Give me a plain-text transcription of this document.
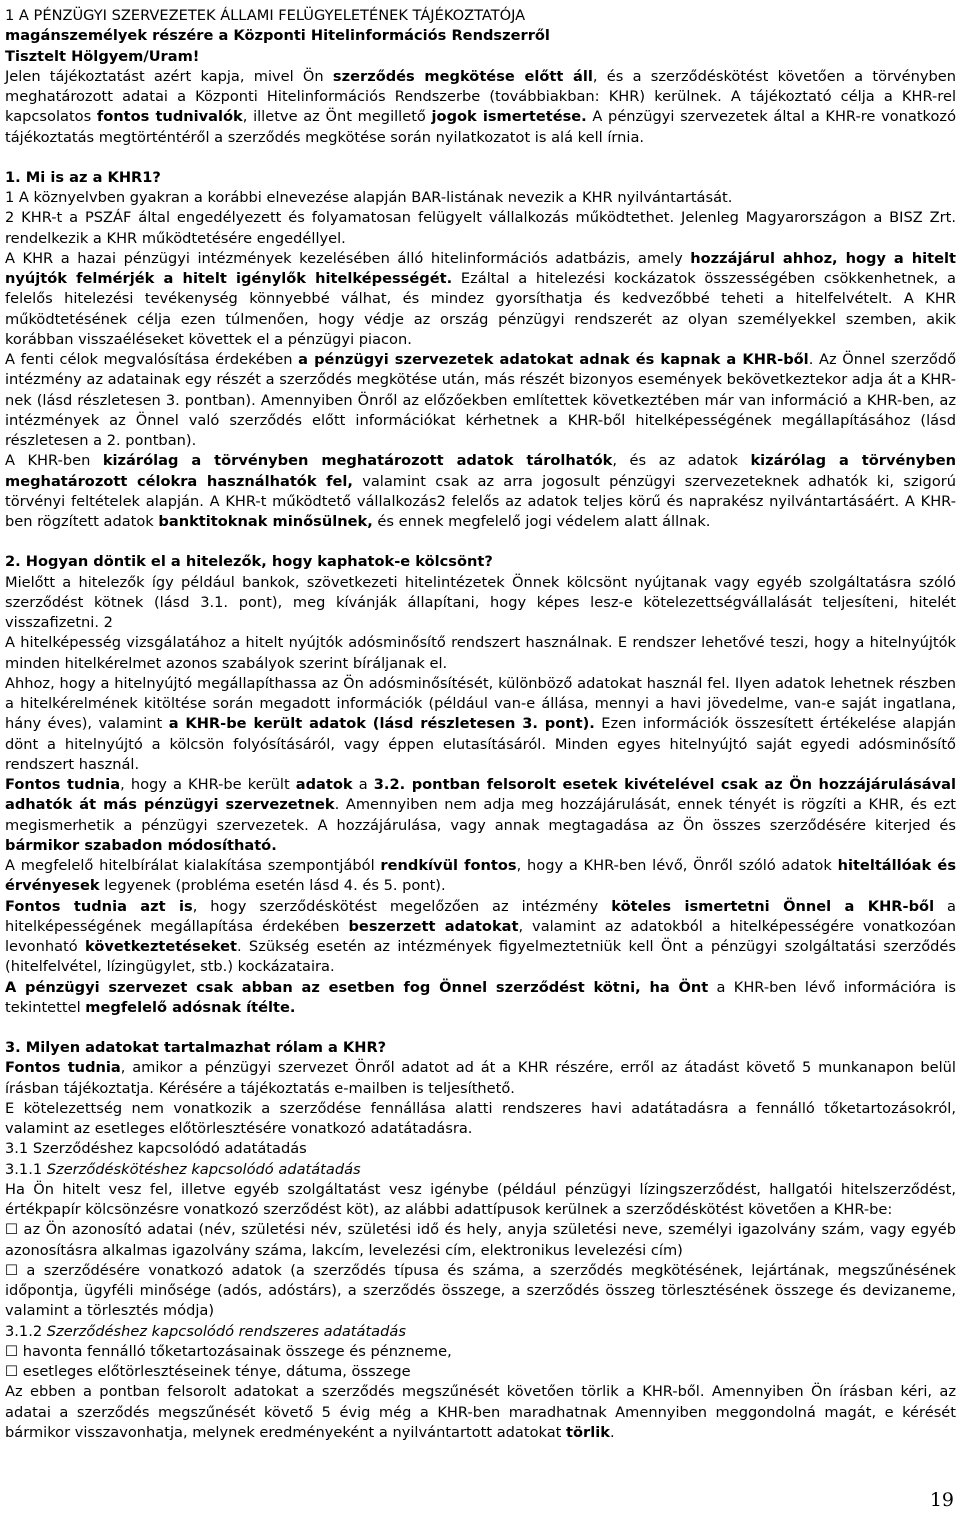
1 A PÉNZÜGYI SZERVEZETEK ÁLLAMI FELÜGYELETÉNEK TÁJÉKOZTATÓJA

magánszemélyek részére a Központi Hitelinformációs Rendszerről

Tisztelt Hölgyem/Uram!

Jelen tájékoztatást azért kapja, mivel Ön szerződés megkötése előtt áll, és a szerződéskötést követően a törvényben meghatározott adatai a Központi Hitelinformációs Rendszerbe (továbbiakban: KHR) kerülnek. A tájékoztató célja a KHR-rel kapcsolatos fontos tudnivalók, illetve az Önt megillető jogok ismertetése. A pénzügyi szervezetek által a KHR-re vonatkozó tájékoztatás megtörténtéről a szerződés megkötése során nyilatkozatot is alá kell írnia.

1. Mi is az a KHR1?

1 A köznyelvben gyakran a korábbi elnevezése alapján BAR-listának nevezik a KHR nyilvántartását.

2 KHR-t a PSZÁF által engedélyezett és folyamatosan felügyelt vállalkozás működtethet. Jelenleg Magyarországon a BISZ Zrt. rendelkezik a KHR működtetésére engedéllyel.

A KHR a hazai pénzügyi intézmények kezelésében álló hitelinformációs adatbázis, amely hozzájárul ahhoz, hogy a hitelt nyújtók felmérjék a hitelt igénylők hitelképességét. Ezáltal a hitelezési kockázatok összességében csökkenhetnek, a felelős hitelezési tevékenység könnyebbé válhat, és mindez gyorsíthatja és kedvezőbbé teheti a hitelfelvételt. A KHR működtetésének célja ezen túlmenően, hogy védje az ország pénzügyi rendszerét az olyan személyekkel szemben, akik korábban visszaéléseket követtek el a pénzügyi piacon.

A fenti célok megvalósítása érdekében a pénzügyi szervezetek adatokat adnak és kapnak a KHR-ből. Az Önnel szerződő intézmény az adatainak egy részét a szerződés megkötése után, más részét bizonyos események bekövetkeztekor adja át a KHR-nek (lásd részletesen 3. pontban). Amennyiben Önről az előzőekben említettek következtében már van információ a KHR-ben, az intézmények az Önnel való szerződés előtt információkat kérhetnek a KHR-ből hitelképességének megállapításához (lásd részletesen a 2. pontban).

A KHR-ben kizárólag a törvényben meghatározott adatok tárolhatók, és az adatok kizárólag a törvényben meghatározott célokra használhatók fel, valamint csak az arra jogosult pénzügyi szervezeteknek adhatók ki, szigorú törvényi feltételek alapján. A KHR-t működtető vállalkozás2 felelős az adatok teljes körű és naprakész nyilvántartásáért. A KHR-ben rögzített adatok banktitoknak minősülnek, és ennek megfelelő jogi védelem alatt állnak.

2. Hogyan döntik el a hitelezők, hogy kaphatok-e kölcsönt?

Mielőtt a hitelezők így például bankok, szövetkezeti hitelintézetek Önnek kölcsönt nyújtanak vagy egyéb szolgáltatásra szóló szerződést kötnek (lásd 3.1. pont), meg kívánják állapítani, hogy képes lesz-e kötelezettségvállalását teljesíteni, hitelét visszafizetni. 2

A hitelképesség vizsgálatához a hitelt nyújtók adósminősítő rendszert használnak. E rendszer lehetővé teszi, hogy a hitelnyújtók minden hitelkérelmet azonos szabályok szerint bíráljanak el.

Ahhoz, hogy a hitelnyújtó megállapíthassa az Ön adósminősítését, különböző adatokat használ fel. Ilyen adatok lehetnek részben a hitelkérelmének kitöltése során megadott információk (például van-e állása, mennyi a havi jövedelme, van-e saját ingatlana, hány éves), valamint a KHR-be került adatok (lásd részletesen 3. pont). Ezen információk összesített értékelése alapján dönt a hitelnyújtó a kölcsön folyósításáról, vagy éppen elutasításáról. Minden egyes hitelnyújtó saját egyedi adósminősítő rendszert használ.

Fontos tudnia, hogy a KHR-be került adatok a 3.2. pontban felsorolt esetek kivételével csak az Ön hozzájárulásával adhatók át más pénzügyi szervezetnek. Amennyiben nem adja meg hozzájárulását, ennek tényét is rögzíti a KHR, és ezt megismerhetik a pénzügyi szervezetek. A hozzájárulása, vagy annak megtagadása az Ön összes szerződésére kiterjed és bármikor szabadon módosítható.

A megfelelő hitelbírálat kialakítása szempontjából rendkívül fontos, hogy a KHR-ben lévő, Önről szóló adatok hiteltállóak és érvényesek legyenek (probléma esetén lásd 4. és 5. pont).

Fontos tudnia azt is, hogy szerződéskötést megelőzően az intézmény köteles ismertetni Önnel a KHR-ből a hitelképességének megállapítása érdekében beszerzett adatokat, valamint az adatokból a hitelképességére vonatkozóan levonható következtetéseket. Szükség esetén az intézmények figyelmeztetniük kell Önt a pénzügyi szolgáltatási szerződés (hitelfelvétel, lízingügylet, stb.) kockázataira.

A pénzügyi szervezet csak abban az esetben fog Önnel szerződést kötni, ha Önt a KHR-ben lévő információra is tekintettel megfelelő adósnak ítélte.

3. Milyen adatokat tartalmazhat rólam a KHR?

Fontos tudnia, amikor a pénzügyi szervezet Önről adatot ad át a KHR részére, erről az átadást követő 5 munkanapon belül írásban tájékoztatja. Kérésére a tájékoztatás e-mailben is teljesíthető.

E kötelezettség nem vonatkozik a szerződése fennállása alatti rendszeres havi adatátadásra a fennálló tőketartozásokról, valamint az esetleges előtörlesztésére vonatkozó adatátadásra.

3.1 Szerződéshez kapcsolódó adatátadás

3.1.1 Szerződéskötéshez kapcsolódó adatátadás

Ha Ön hitelt vesz fel, illetve egyéb szolgáltatást vesz igénybe (például pénzügyi lízingszerződést, hallgatói hitelszerződést, értékpapír kölcsönzésre vonatkozó szerződést köt), az alábbi adattípusok kerülnek a szerződéskötést követően a KHR-be:

☐ az Ön azonosító adatai (név, születési név, születési idő és hely, anyja születési neve, személyi igazolvány szám, vagy egyéb azonosításra alkalmas igazolvány száma, lakcím, levelezési cím, elektronikus levelezési cím)

☐ a szerződésére vonatkozó adatok (a szerződés típusa és száma, a szerződés megkötésének, lejártának, megszűnésének időpontja, ügyféli minősége (adós, adóstárs), a szerződés összege, a szerződés összeg törlesztésének összege és devizaneme, valamint a törlesztés módja)

3.1.2 Szerződéshez kapcsolódó rendszeres adatátadás

☐ havonta fennálló tőketartozásainak összege és pénzneme,

☐ esetleges előtörlesztéseinek ténye, dátuma, összege

Az ebben a pontban felsorolt adatokat a szerződés megszűnését követően törlik a KHR-ből. Amennyiben Ön írásban kéri, az adatai a szerződés megszűnését követő 5 évig még a KHR-ben maradhatnak Amennyiben meggondolná magát, e kérését bármikor visszavonhatja, melynek eredményeként a nyilvántartott adatokat törlik.

19
